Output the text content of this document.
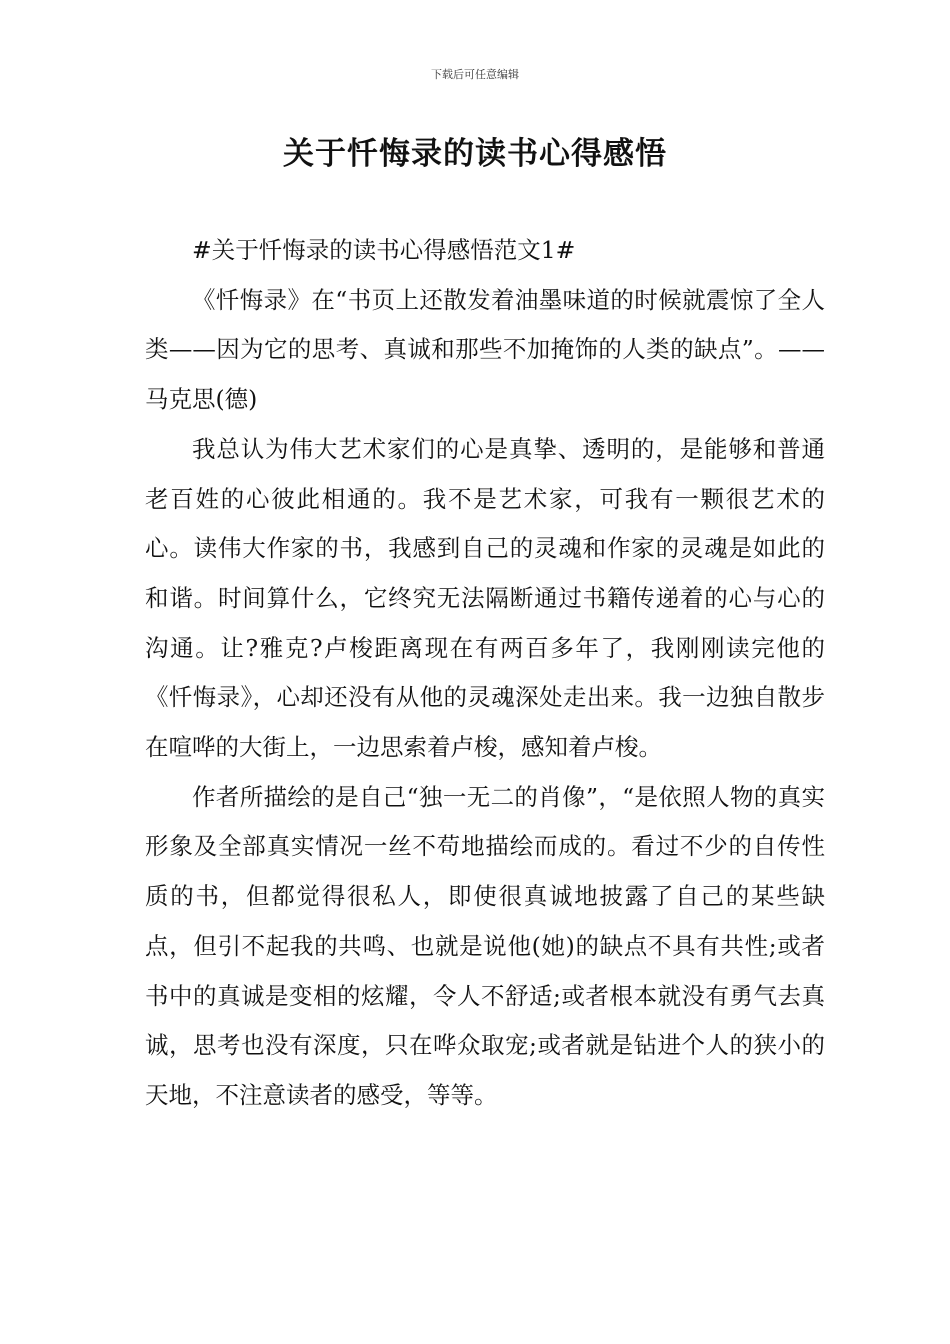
下载后可任意编辑
关于忏悔录的读书心得感悟

#关于忏悔录的读书心得感悟范文1#

《忏悔录》在“书页上还散发着油墨味道的时候就震惊了全人类——因为它的思考、真诚和那些不加掩饰的人类的缺点”。——马克思(德)

我总认为伟大艺术家们的心是真挚、透明的，是能够和普通老百姓的心彼此相通的。我不是艺术家，可我有一颗很艺术的心。读伟大作家的书，我感到自己的灵魂和作家的灵魂是如此的和谐。时间算什么，它终究无法隔断通过书籍传递着的心与心的沟通。让?雅克?卢梭距离现在有两百多年了，我刚刚读完他的《忏悔录》，心却还没有从他的灵魂深处走出来。我一边独自散步在喧哗的大街上，一边思索着卢梭，感知着卢梭。

作者所描绘的是自己“独一无二的肖像”，“是依照人物的真实形象及全部真实情况一丝不苟地描绘而成的。看过不少的自传性质的书，但都觉得很私人，即使很真诚地披露了自己的某些缺点，但引不起我的共鸣、也就是说他(她)的缺点不具有共性;或者书中的真诚是变相的炫耀，令人不舒适;或者根本就没有勇气去真诚，思考也没有深度，只在哗众取宠;或者就是钻进个人的狭小的天地，不注意读者的感受，等等。
